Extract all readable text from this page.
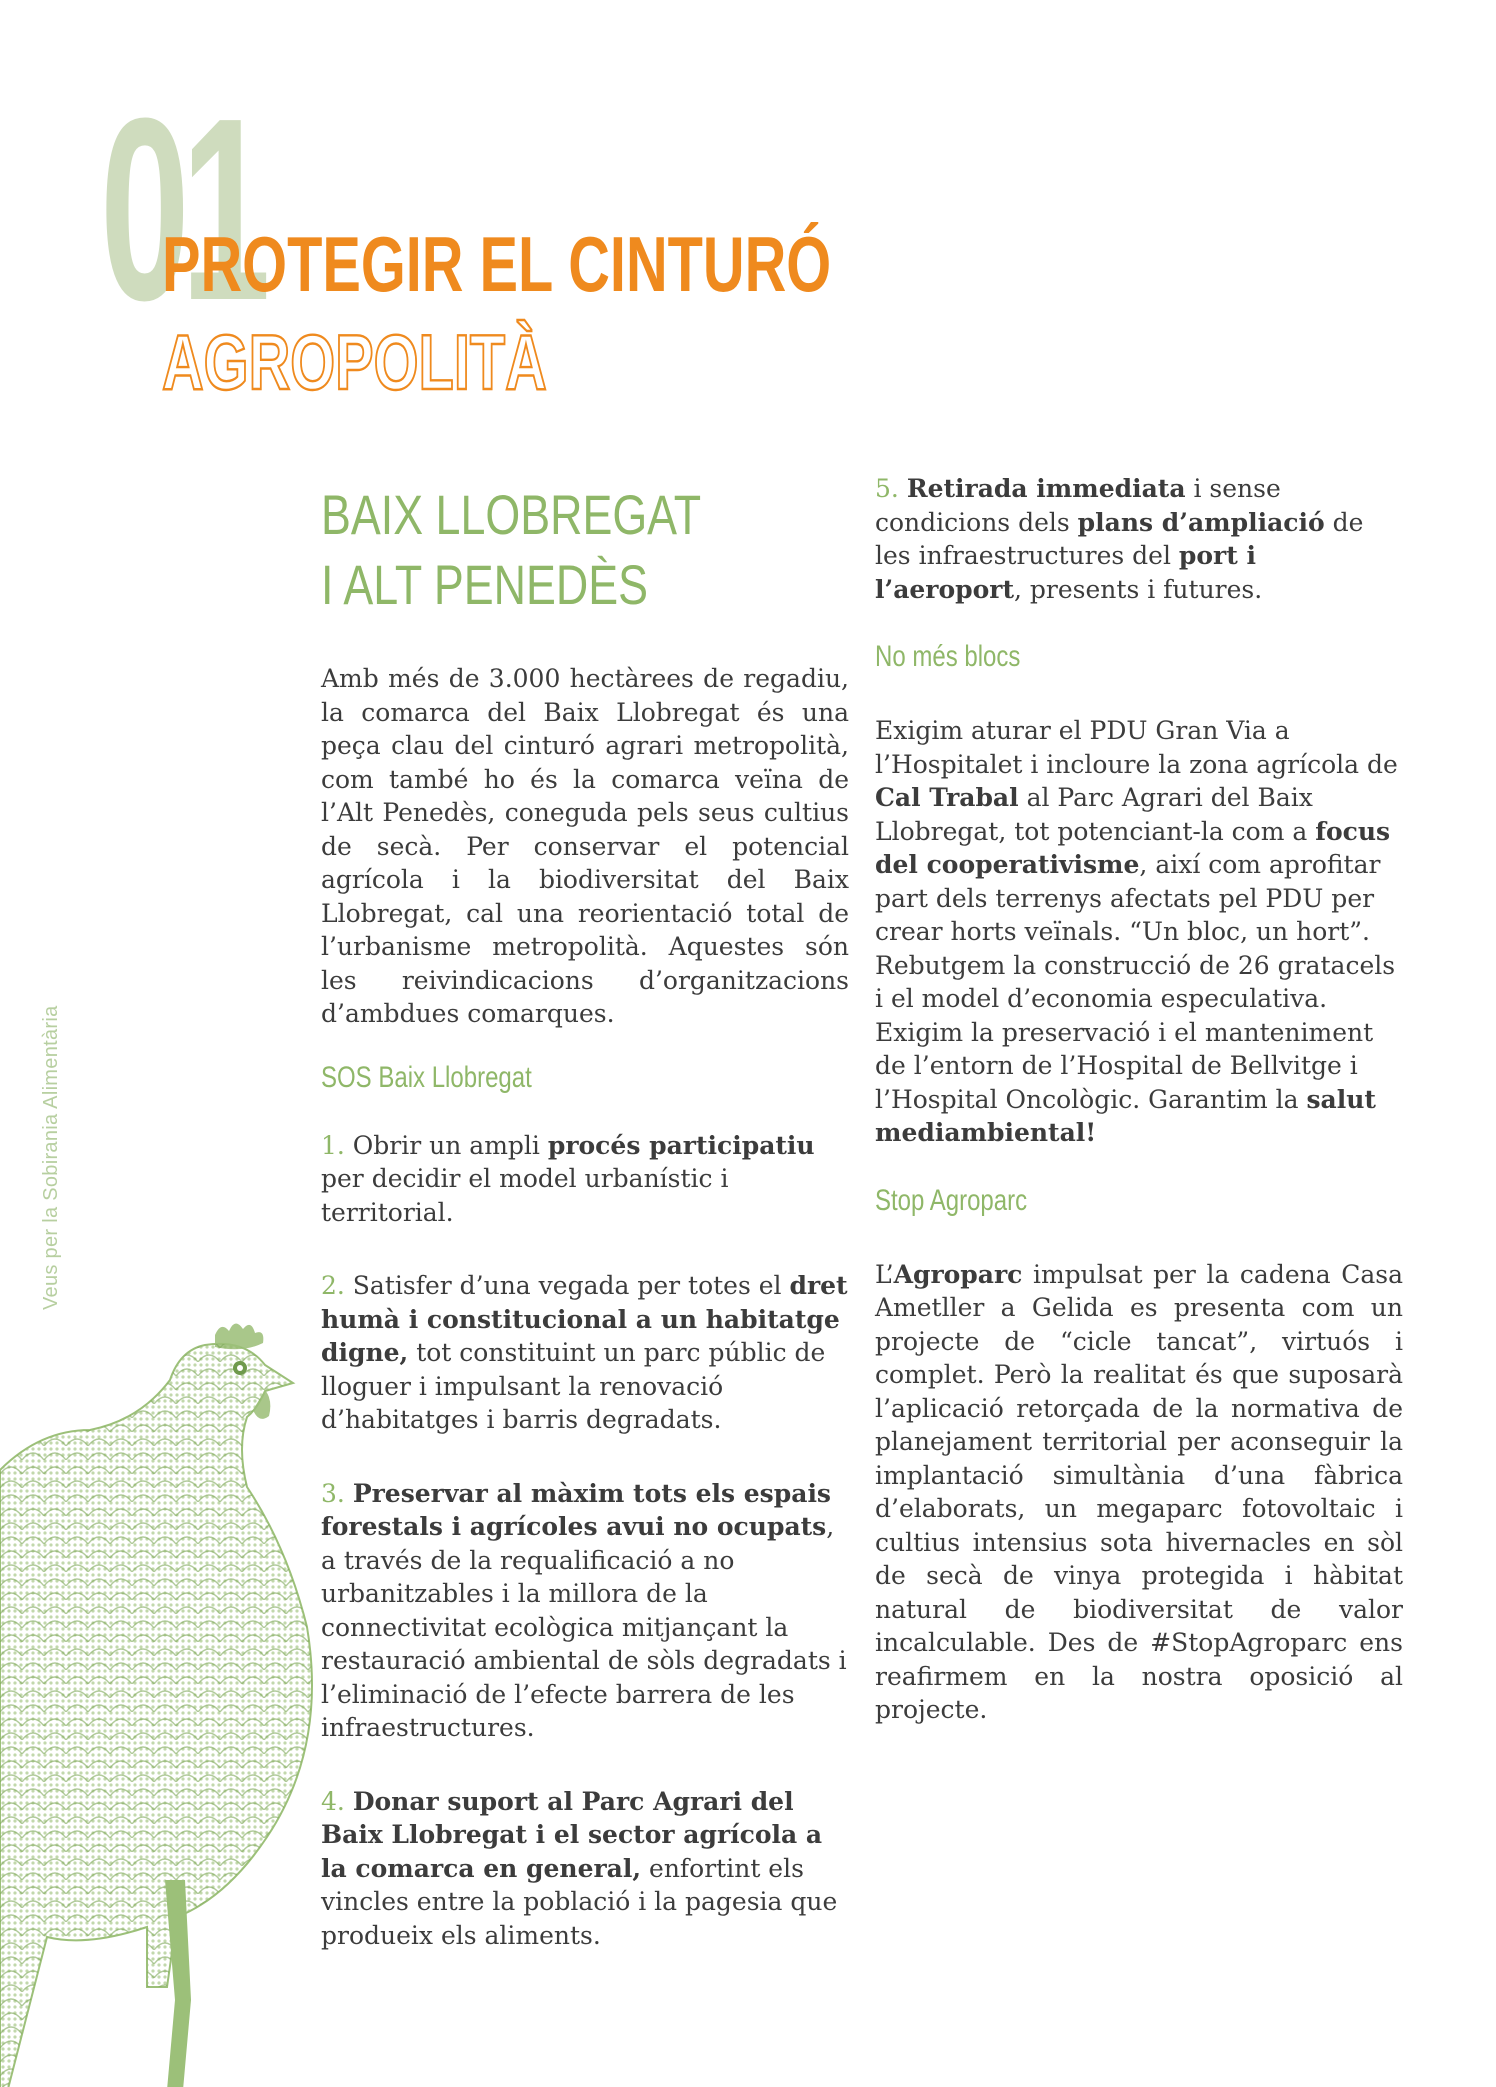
01
PROTEGIR EL CINTURÓ
AGROPOLITÀ
Veus per la Sobirania Alimentària
BAIX LLOBREGAT
I ALT PENEDÈS

Amb més de 3.000 hectàrees de regadiu, la comarca del Baix Llobregat és una peça clau del cinturó agrari metropolità, com també ho és la comarca veïna de l’Alt Penedès, coneguda pels seus cultius de secà. Per conservar el potencial agrícola i la biodiversitat del Baix Llobregat, cal una reorientació total de l’urbanisme metropolità. Aquestes són les reivindicacions d’organitzacions d’ambdues comarques.

SOS Baix Llobregat

1. Obrir un ampli procés participatiu per decidir el model urbanístic i territorial.

2. Satisfer d’una vegada per totes el dret humà i constitucional a un habitatge digne, tot constituint un parc públic de lloguer i impulsant la renovació d’habitatges i barris degradats.

3. Preservar al màxim tots els espais forestals i agrícoles avui no ocupats, a través de la requalificació a no urbanitzables i la millora de la connectivitat ecològica mitjançant la restauració ambiental de sòls degradats i l’eliminació de l’efecte barrera de les infraestructures.

4. Donar suport al Parc Agrari del Baix Llobregat i el sector agrícola a la comarca en general, enfortint els vincles entre la població i la pagesia que produeix els aliments.

5. Retirada immediata i sense condicions dels plans d’ampliació de les infraestructures del port i l’aeroport, presents i futures.

No més blocs

Exigim aturar el PDU Gran Via a l’Hospitalet i incloure la zona agrícola de Cal Trabal al Parc Agrari del Baix Llobregat, tot potenciant-la com a focus del cooperativisme, així com aprofitar part dels terrenys afectats pel PDU per crear horts veïnals. “Un bloc, un hort”. Rebutgem la construcció de 26 gratacels i el model d’economia especulativa. Exigim la preservació i el manteniment de l’entorn de l’Hospital de Bellvitge i l’Hospital Oncològic. Garantim la salut mediambiental!

Stop Agroparc

L’Agroparc impulsat per la cadena Casa Ametller a Gelida es presenta com un projecte de “cicle tancat”, virtuós i complet. Però la realitat és que suposarà l’aplicació retorçada de la normativa de planejament territorial per aconseguir la implantació simultània d’una fàbrica d’elaborats, un megaparc fotovoltaic i cultius intensius sota hivernacles en sòl de secà de vinya protegida i hàbitat natural de biodiversitat de valor incalculable. Des de #StopAgroparc ens reafirmem en la nostra oposició al projecte.
